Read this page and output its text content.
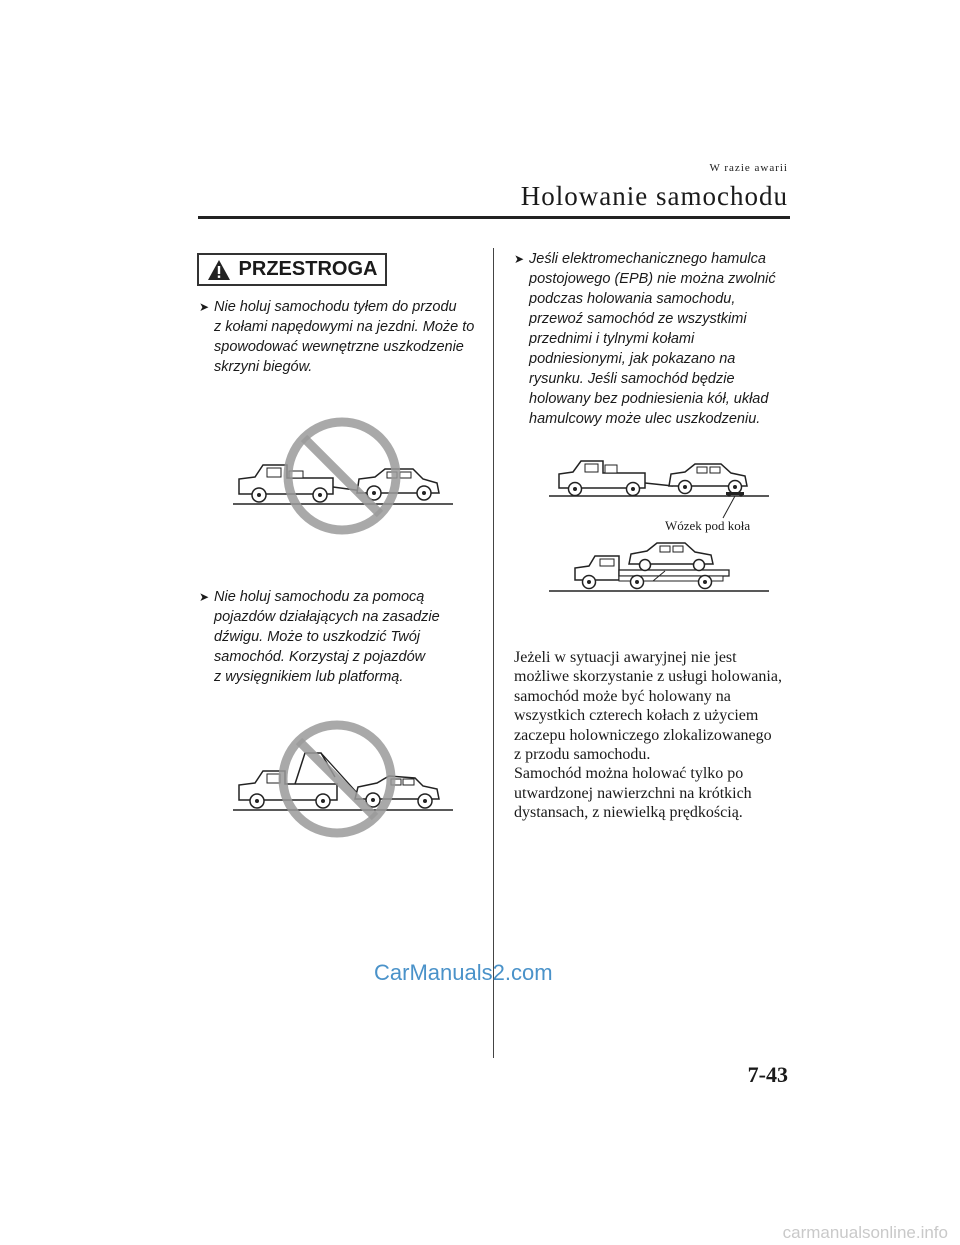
W razie awarii
Holowanie samochodu
PRZESTROGA
➤ Nie holuj samochodu tyłem do przodu
z kołami napędowymi na jezdni. Może to
spowodować wewnętrzne uszkodzenie
skrzyni biegów.
➤ Nie holuj samochodu za pomocą
pojazdów działających na zasadzie
dźwigu. Może to uszkodzić Twój
samochód. Korzystaj z pojazdów
z wysięgnikiem lub platformą.
➤ Jeśli elektromechanicznego hamulca
postojowego (EPB) nie można zwolnić
podczas holowania samochodu,
przewoź samochód ze wszystkimi
przednimi i tylnymi kołami
podniesionymi, jak pokazano na
rysunku. Jeśli samochód będzie
holowany bez podniesienia kół, układ
hamulcowy może ulec uszkodzeniu.
Wózek pod koła
Jeżeli w sytuacji awaryjnej nie jest
możliwe skorzystanie z usługi holowania,
samochód może być holowany na
wszystkich czterech kołach z użyciem
zaczepu holowniczego zlokalizowanego
z przodu samochodu.
Samochód można holować tylko po
utwardzonej nawierzchni na krótkich
dystansach, z niewielką prędkością.
CarManuals2.com
7-43
carmanualsonline.info
